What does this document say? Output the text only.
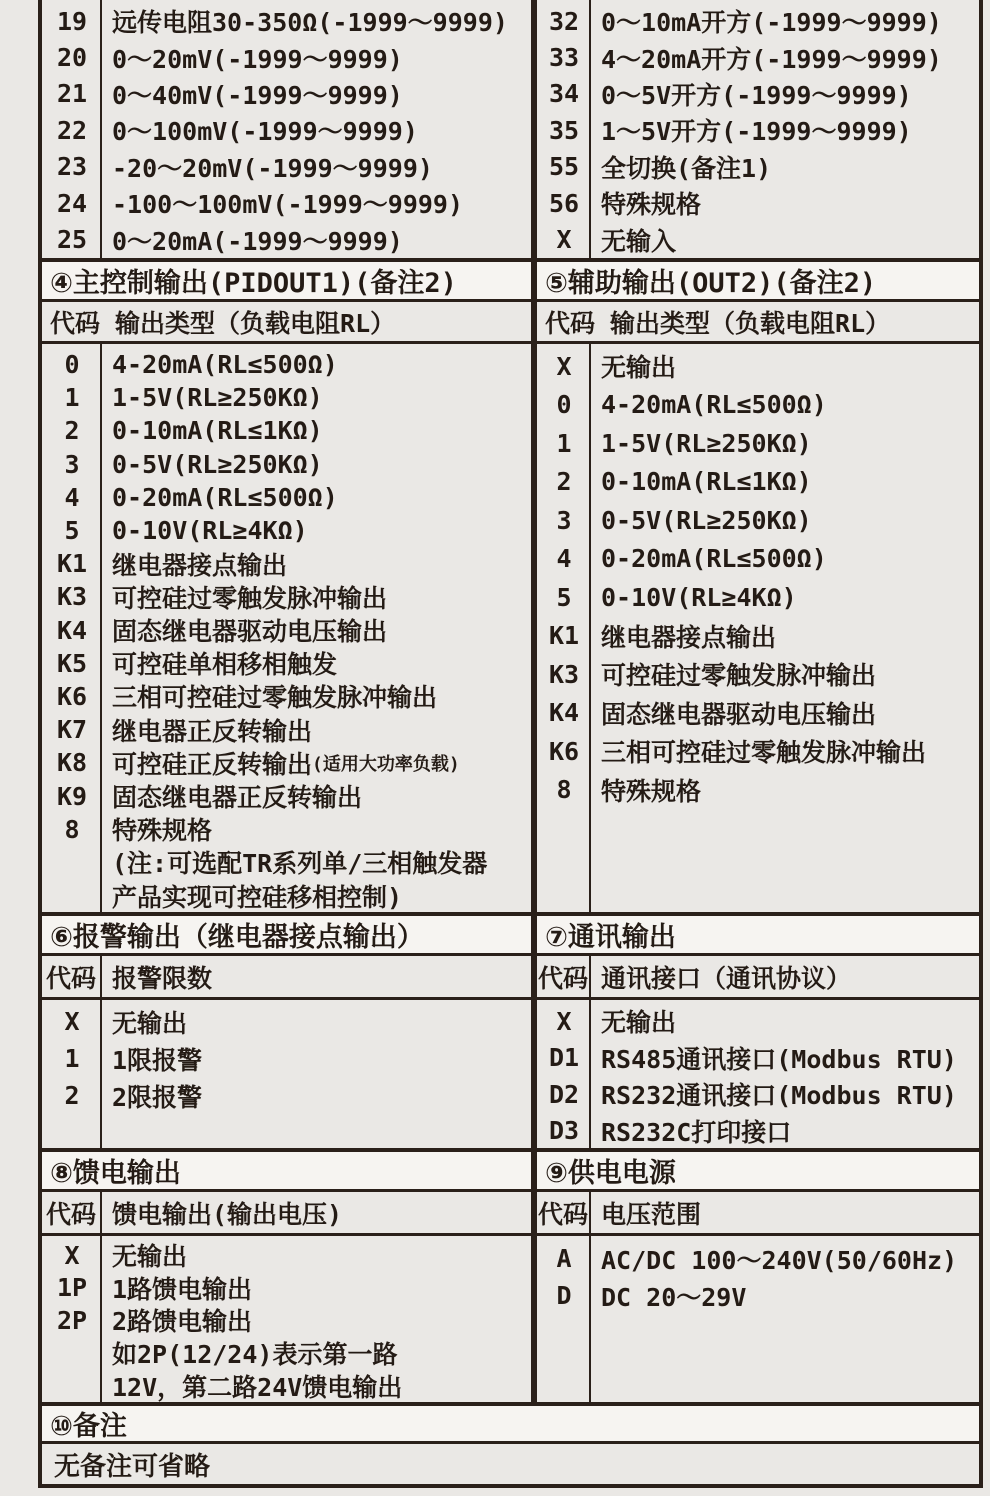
19 远传电阻30-350Ω(-1999～9999)
20 0～20mV(-1999～9999)
21 0～40mV(-1999～9999)
22 0～100mV(-1999～9999)
23 -20～20mV(-1999～9999)
24 -100～100mV(-1999～9999)
25 0～20mA(-1999～9999)
32 0～10mA开方(-1999～9999)
33 4～20mA开方(-1999～9999)
34 0～5V开方(-1999～9999)
35 1～5V开方(-1999～9999)
55 全切换(备注1)
56 特殊规格
X	无输入
④主控制输出(PIDOUT1)(备注2)	⑤辅助输出(OUT2)(备注2)
代码 输出类型（负载电阻RL）	代码 输出类型（负载电阻RL）
0	4-20mA(RL≤500Ω)
1	1-5V(RL≥250KΩ)
2	0-10mA(RL≤1KΩ)
3	0-5V(RL≥250KΩ)
4	0-20mA(RL≤500Ω)
5	0-10V(RL≥4KΩ)
K1 继电器接点输出
K3 可控硅过零触发脉冲输出
K4 固态继电器驱动电压输出
K5 可控硅单相移相触发
K6 三相可控硅过零触发脉冲输出
K7 继电器正反转输出
K8 可控硅正反转输出 (适用大功率负载)
K9 固态继电器正反转输出
8	特殊规格
(注:可选配TR系列单/三相触发器
产品实现可控硅移相控制)
X	无输出
0	4-20mA(RL≤500Ω)
1	1-5V(RL≥250KΩ)
2	0-10mA(RL≤1KΩ)
3	0-5V(RL≥250KΩ)
4	0-20mA(RL≤500Ω)
5	0-10V(RL≥4KΩ)
K1 继电器接点输出
K3 可控硅过零触发脉冲输出
K4 固态继电器驱动电压输出
K6 三相可控硅过零触发脉冲输出
8	特殊规格
⑥报警输出（继电器接点输出）	⑦通讯输出
代码 报警限数	代码 通讯接口（通讯协议）
X	无输出
1	1限报警
2	2限报警
X	无输出
D1 RS485通讯接口(Modbus RTU)
D2 RS232通讯接口(Modbus RTU)
D3 RS232C打印接口
⑧馈电输出	⑨供电电源
代码 馈电输出(输出电压)	代码 电压范围
X	无输出
1P 1路馈电输出
2P 2路馈电输出
如2P(12/24)表示第一路
12V，第二路24V馈电输出
A	AC/DC 100～240V(50/60Hz)
D	DC 20～29V
⑩备注
无备注可省略
